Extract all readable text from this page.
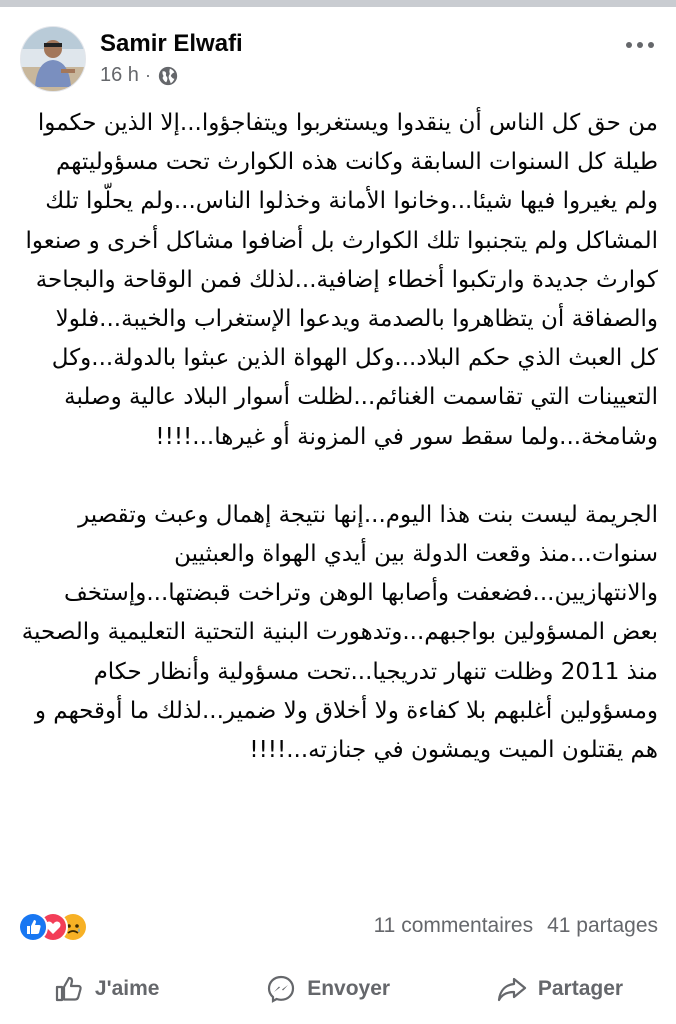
Samir Elwafi
16 h ·

من حق كل الناس أن ينقدوا ويستغربوا ويتفاجؤوا...إلا الذين حكموا طيلة كل السنوات السابقة وكانت هذه الكوارث تحت مسؤوليتهم ولم يغيروا فيها شيئا...وخانوا الأمانة وخذلوا الناس...ولم يحلّوا تلك المشاكل ولم يتجنبوا تلك الكوارث بل أضافوا مشاكل أخرى و صنعوا كوارث جديدة وارتكبوا أخطاء إضافية...لذلك فمن الوقاحة والبجاحة والصفاقة أن يتظاهروا بالصدمة ويدعوا الإستغراب والخيبة...فلولا كل العبث الذي حكم البلاد...وكل الهواة الذين عبثوا بالدولة...وكل التعيينات التي تقاسمت الغنائم...لظلت أسوار البلاد عالية وصلبة وشامخة...ولما سقط سور في المزونة أو غيرها...!!!!

الجريمة ليست بنت هذا اليوم...إنها نتيجة إهمال وعبث وتقصير سنوات...منذ وقعت الدولة بين أيدي الهواة والعبثيين والانتهازيين...فضعفت وأصابها الوهن وتراخت قبضتها...وإستخف بعض المسؤولين بواجبهم...وتدهورت البنية التحتية التعليمية والصحية منذ 2011 وظلت تنهار تدريجيا...تحت مسؤولية وأنظار حكام ومسؤولين أغلبهم بلا كفاءة ولا أخلاق ولا ضمير...لذلك ما أوقحهم و هم يقتلون الميت ويمشون في جنازته...!!!!

11 commentaires 41 partages
J'aime	Envoyer	Partager
